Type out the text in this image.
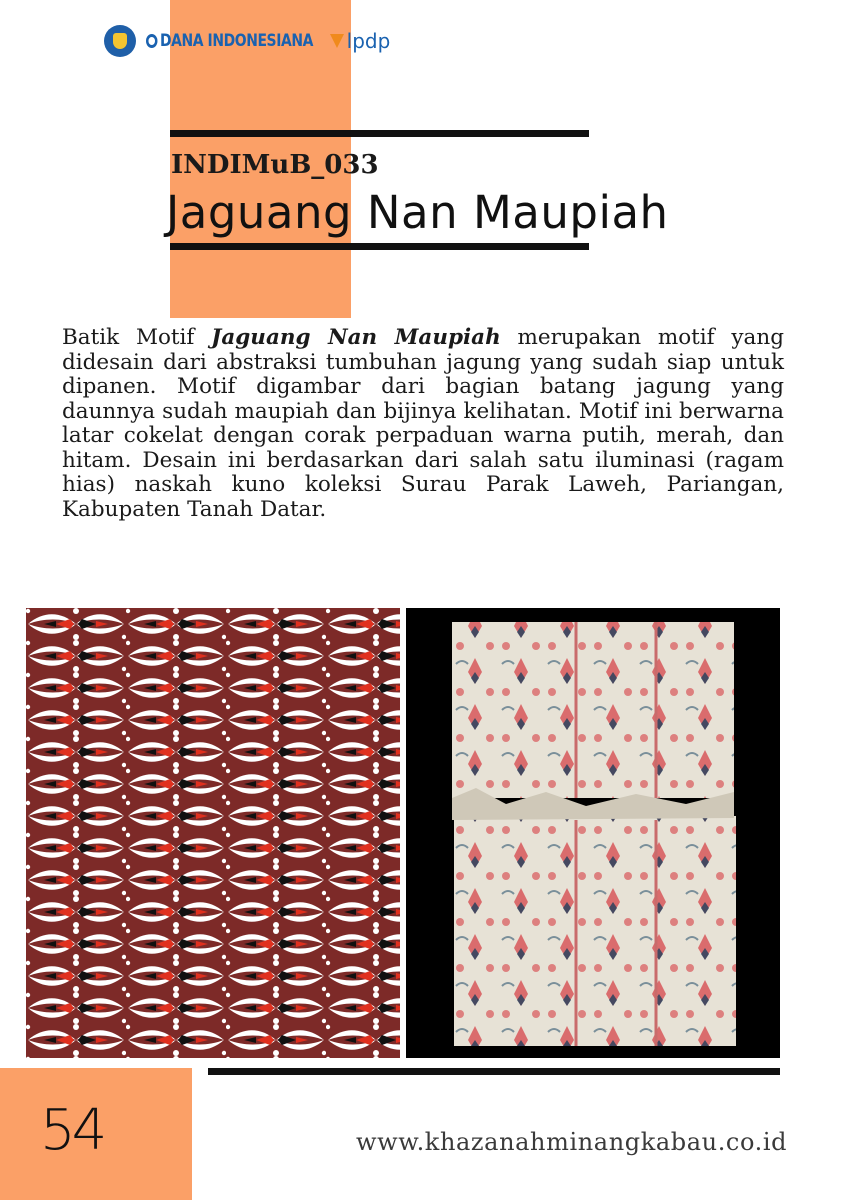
DANA INDONESIANA lpdp
INDIMuB_033
Jaguang Nan Maupiah

Batik Motif Jaguang Nan Maupiah merupakan motif yang didesain dari abstraksi tumbuhan jagung yang sudah siap untuk dipanen. Motif digambar dari bagian batang jagung yang daunnya sudah maupiah dan bijinya kelihatan. Motif ini berwarna latar cokelat dengan corak perpaduan warna putih, merah, dan hitam. Desain ini berdasarkan dari salah satu iluminasi (ragam hias) naskah kuno koleksi Surau Parak Laweh, Pariangan, Kabupaten Tanah Datar.

54	www.khazanahminangkabau.co.id
